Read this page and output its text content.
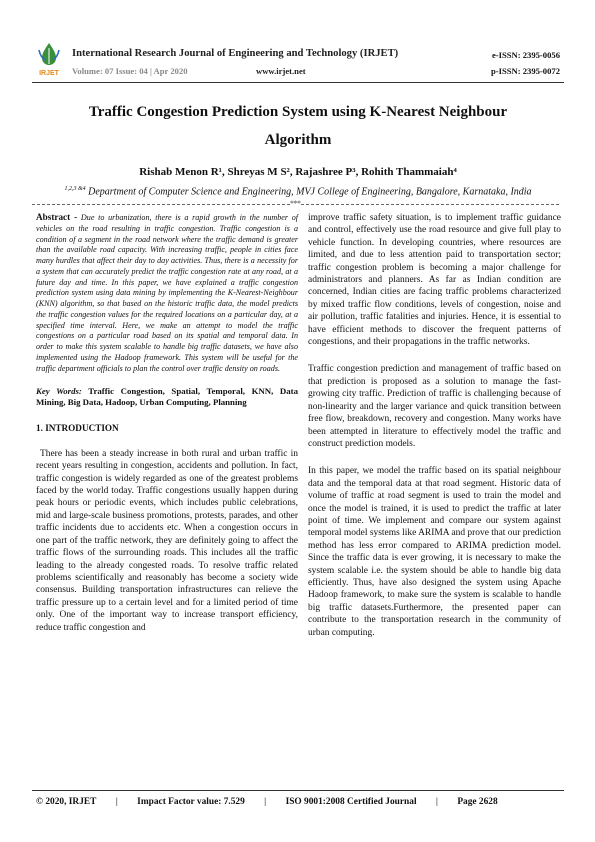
IRJET
International Research Journal of Engineering and Technology (IRJET)
Volume: 07 Issue: 04 | Apr 2020	www.irjet.net
e-ISSN: 2395-0056
p-ISSN: 2395-0072
Traffic Congestion Prediction System using K-Nearest Neighbour
Algorithm
Rishab Menon R¹, Shreyas M S², Rajashree P³, Rohith Thammaiah⁴
$^{1,2,3 \&4}$ Department of Computer Science and Engineering, MVJ College of Engineering, Bangalore, Karnataka, India
***

Abstract - Due to urbanization, there is a rapid growth in the number of vehicles on the road resulting in traffic congestion. Traffic congestion is a condition of a segment in the road network where the traffic demand is greater than the available road capacity. With increasing traffic, people in cities face many hurdles that affect their day to day activities. Thus, there is a necessity for a system that can accurately predict the traffic congestion rate at any road, at a future day and time. In this paper, we have explained a traffic congestion prediction system using data mining by implementing the K-Nearest-Neighbour (KNN) algorithm, so that based on the historic traffic data, the model predicts the traffic congestion values for the required locations on a particular day, at a specified time interval. Here, we make an attempt to model the traffic congestions on a particular road based on its spatial and temporal data. In order to make this system scalable to handle big traffic datasets, we have also implemented using the Hadoop framework. This system will be useful for the traffic department officials to plan the control over traffic density on roads.

Key Words: Traffic Congestion, Spatial, Temporal, KNN, Data Mining, Big Data, Hadoop, Urban Computing, Planning

1. INTRODUCTION

There has been a steady increase in both rural and urban traffic in recent years resulting in congestion, accidents and pollution. In fact, traffic congestion is widely regarded as one of the greatest problems faced by the world today. Traffic congestions usually happen during peak hours or periodic events, which includes public celebrations, mid and large-scale business promotions, protests, parades, and other traffic incidents due to accidents etc. When a congestion occurs in one part of the traffic network, they are definitely going to affect the traffic flows of the surrounding roads. This includes all the traffic leading to the already congested roads. To resolve traffic related problems scientifically and reasonably has become a society wide consensus. Building transportation infrastructures can relieve the traffic pressure up to a certain level and for a limited period of time only. One of the important way to increase transport efficiency, reduce traffic congestion and

improve traffic safety situation, is to implement traffic guidance and control, effectively use the road resource and give full play to vehicle function. In developing countries, where resources are limited, and due to less attention paid to transportation sector; traffic congestion problem is becoming a major challenge for administrators and planners. As far as Indian condition are concerned, Indian cities are facing traffic problems characterized by mixed traffic flow conditions, levels of congestion, noise and air pollution, traffic fatalities and injuries. Hence, it is essential to have efficient methods to discover the frequent patterns of congestions, and their propagations in the traffic networks.

Traffic congestion prediction and management of traffic based on that prediction is proposed as a solution to manage the fast-growing city traffic. Prediction of traffic is challenging because of non-linearity and the larger variance and quick transition between free flow, breakdown, recovery and congestion. Many works have been attempted in literature to effectively model the traffic and construct prediction models.

In this paper, we model the traffic based on its spatial neighbour data and the temporal data at that road segment. Historic data of volume of traffic at road segment is used to train the model and once the model is trained, it is used to predict the traffic at later point of time. We implement and compare our system against temporal model systems like ARIMA and prove that our prediction method has less error compared to ARIMA prediction model. Since the traffic data is ever growing, it is necessary to make the system scalable i.e. the system should be able to handle big data efficiently. Thus, have also designed the system using Apache Hadoop framework, to make sure the system is scalable to handle big traffic datasets.Furthermore, the presented paper can contribute to the transportation research in the community of urban computing.

© 2020, IRJET | Impact Factor value: 7.529 | ISO 9001:2008 Certified Journal | Page 2628
